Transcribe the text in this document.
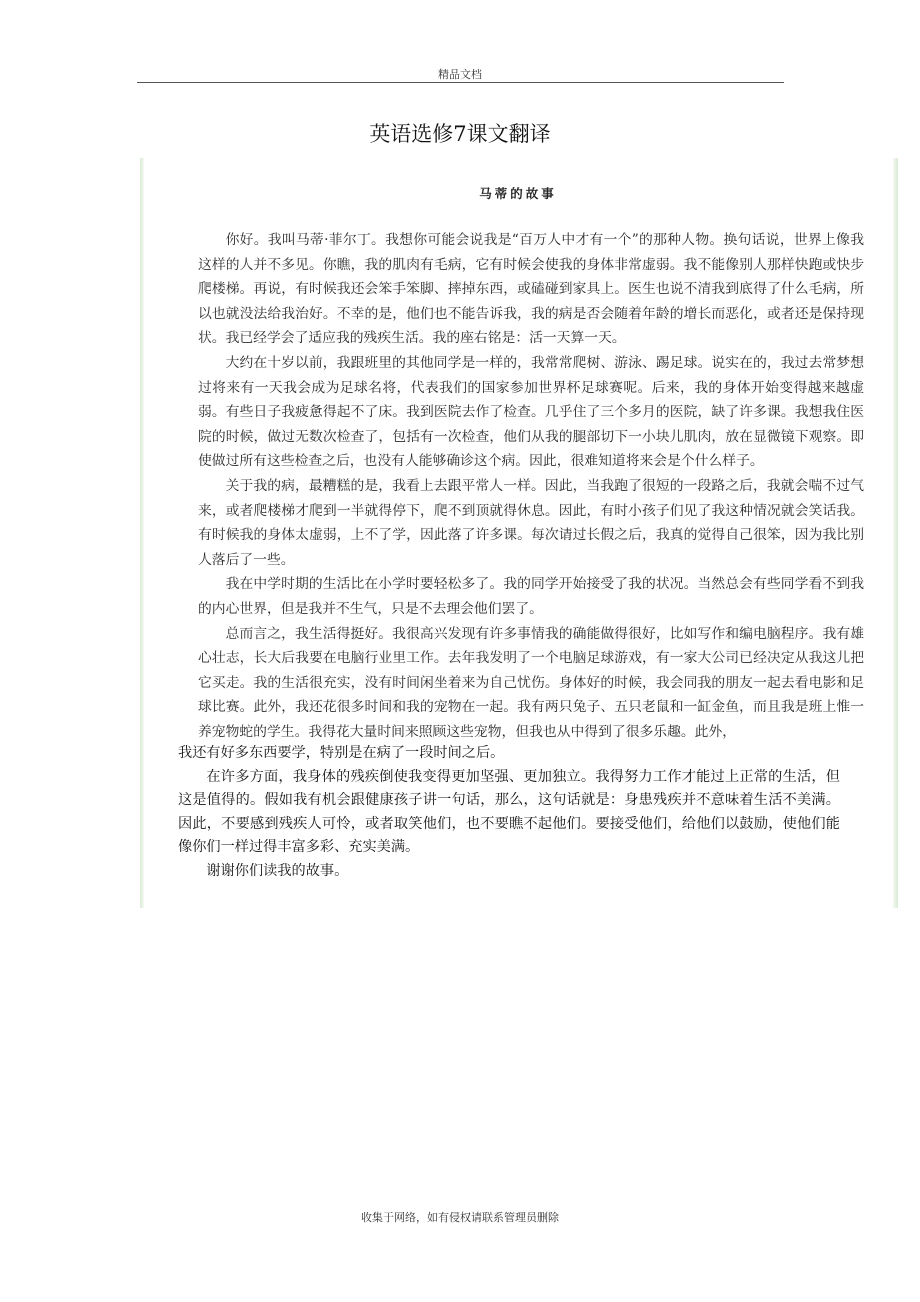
精品文档
英语选修7课文翻译
马蒂的故事

你好。我叫马蒂·菲尔丁。我想你可能会说我是“百万人中才有一个”的那种人物。换句话说，世界上像我这样的人并不多见。你瞧，我的肌肉有毛病，它有时候会使我的身体非常虚弱。我不能像别人那样快跑或快步爬楼梯。再说，有时候我还会笨手笨脚、摔掉东西，或磕碰到家具上。医生也说不清我到底得了什么毛病，所以也就没法给我治好。不幸的是，他们也不能告诉我，我的病是否会随着年龄的增长而恶化，或者还是保持现状。我已经学会了适应我的残疾生活。我的座右铭是：活一天算一天。

大约在十岁以前，我跟班里的其他同学是一样的，我常常爬树、游泳、踢足球。说实在的，我过去常梦想过将来有一天我会成为足球名将，代表我们的国家参加世界杯足球赛呢。后来，我的身体开始变得越来越虚弱。有些日子我疲惫得起不了床。我到医院去作了检查。几乎住了三个多月的医院，缺了许多课。我想我住医院的时候，做过无数次检查了，包括有一次检查，他们从我的腿部切下一小块儿肌肉，放在显微镜下观察。即使做过所有这些检查之后，也没有人能够确诊这个病。因此，很难知道将来会是个什么样子。

关于我的病，最糟糕的是，我看上去跟平常人一样。因此，当我跑了很短的一段路之后，我就会喘不过气来，或者爬楼梯才爬到一半就得停下，爬不到顶就得休息。因此，有时小孩子们见了我这种情况就会笑话我。有时候我的身体太虚弱，上不了学，因此落了许多课。每次请过长假之后，我真的觉得自己很笨，因为我比别人落后了一些。

我在中学时期的生活比在小学时要轻松多了。我的同学开始接受了我的状况。当然总会有些同学看不到我的内心世界，但是我并不生气，只是不去理会他们罢了。

总而言之，我生活得挺好。我很高兴发现有许多事情我的确能做得很好，比如写作和编电脑程序。我有雄心壮志，长大后我要在电脑行业里工作。去年我发明了一个电脑足球游戏，有一家大公司已经决定从我这儿把它买走。我的生活很充实，没有时间闲坐着来为自己忧伤。身体好的时候，我会同我的朋友一起去看电影和足球比赛。此外，我还花很多时间和我的宠物在一起。我有两只兔子、五只老鼠和一缸金鱼，而且我是班上惟一养宠物蛇的学生。我得花大量时间来照顾这些宠物，但我也从中得到了很多乐趣。此外，

我还有好多东西要学，特别是在病了一段时间之后。

在许多方面，我身体的残疾倒使我变得更加坚强、更加独立。我得努力工作才能过上正常的生活，但这是值得的。假如我有机会跟健康孩子讲一句话，那么，这句话就是：身患残疾并不意味着生活不美满。因此，不要感到残疾人可怜，或者取笑他们，也不要瞧不起他们。要接受他们，给他们以鼓励，使他们能像你们一样过得丰富多彩、充实美满。

谢谢你们读我的故事。

收集于网络，如有侵权请联系管理员删除
